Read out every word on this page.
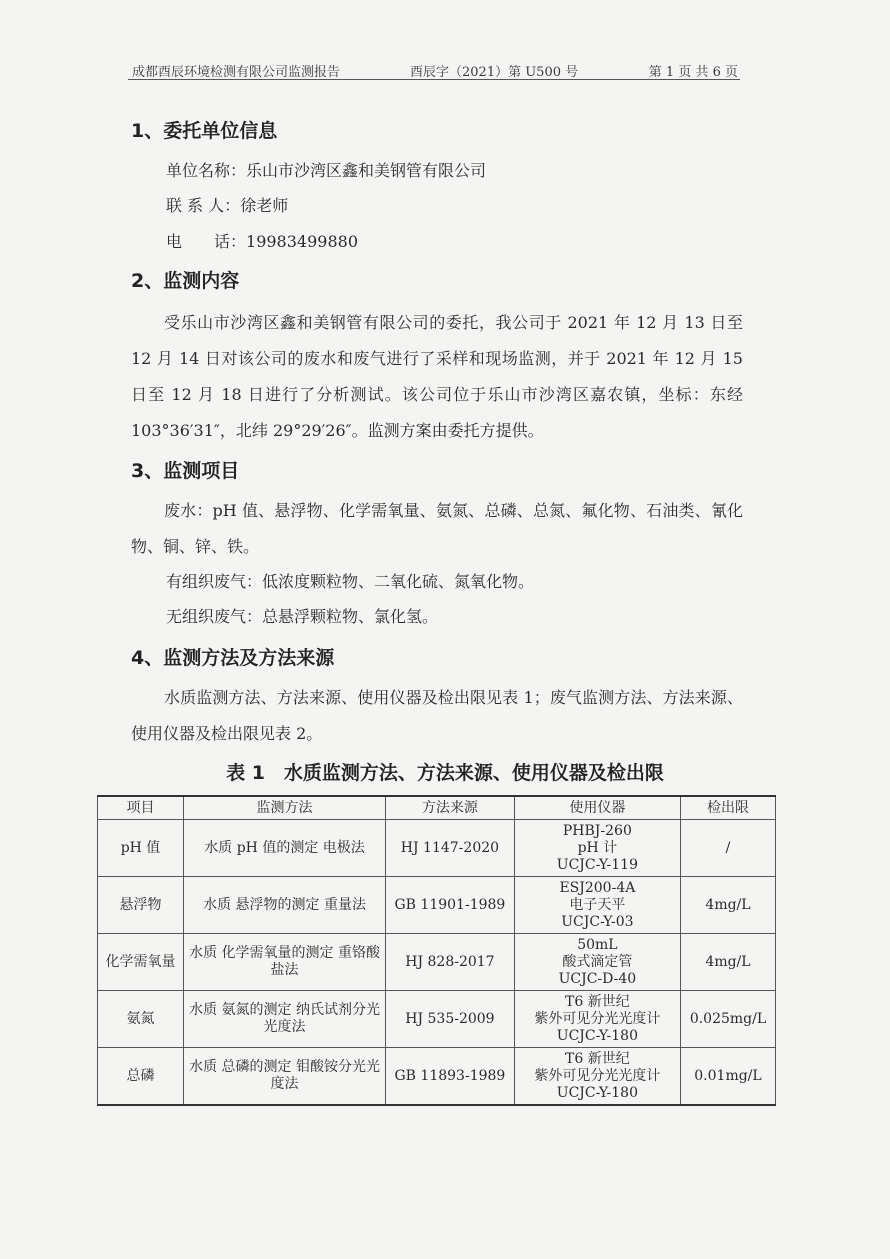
成都酉辰环境检测有限公司监测报告	酉辰字（2021）第 U500 号	第 1 页 共 6 页
1、委托单位信息
单位名称：乐山市沙湾区鑫和美钢管有限公司
联 系 人：徐老师
电　　话：19983499880
2、监测内容
受乐山市沙湾区鑫和美钢管有限公司的委托，我公司于 2021 年 12 月 13 日至 12 月 14 日对该公司的废水和废气进行了采样和现场监测，并于 2021 年 12 月 15 日至 12 月 18 日进行了分析测试。该公司位于乐山市沙湾区嘉农镇，坐标：东经 103°36′31″，北纬 29°29′26″。监测方案由委托方提供。
3、监测项目
废水：pH 值、悬浮物、化学需氧量、氨氮、总磷、总氮、氟化物、石油类、氰化物、铜、锌、铁。
有组织废气：低浓度颗粒物、二氧化硫、氮氧化物。
无组织废气：总悬浮颗粒物、氯化氢。
4、监测方法及方法来源
水质监测方法、方法来源、使用仪器及检出限见表 1；废气监测方法、方法来源、使用仪器及检出限见表 2。
表 1　水质监测方法、方法来源、使用仪器及检出限
项目	监测方法	方法来源	使用仪器	检出限
pH 值	水质 pH 值的测定 电极法	HJ 1147-2020	PHBJ-260
pH 计
UCJC-Y-119	/
悬浮物	水质 悬浮物的测定 重量法	GB 11901-1989	ESJ200-4A
电子天平
UCJC-Y-03	4mg/L
化学需氧量	水质 化学需氧量的测定 重铬酸盐法	HJ 828-2017	50mL
酸式滴定管
UCJC-D-40	4mg/L
氨氮	水质 氨氮的测定 纳氏试剂分光光度法	HJ 535-2009	T6 新世纪
紫外可见分光光度计
UCJC-Y-180	0.025mg/L
总磷	水质 总磷的测定 钼酸铵分光光度法	GB 11893-1989	T6 新世纪
紫外可见分光光度计
UCJC-Y-180	0.01mg/L
